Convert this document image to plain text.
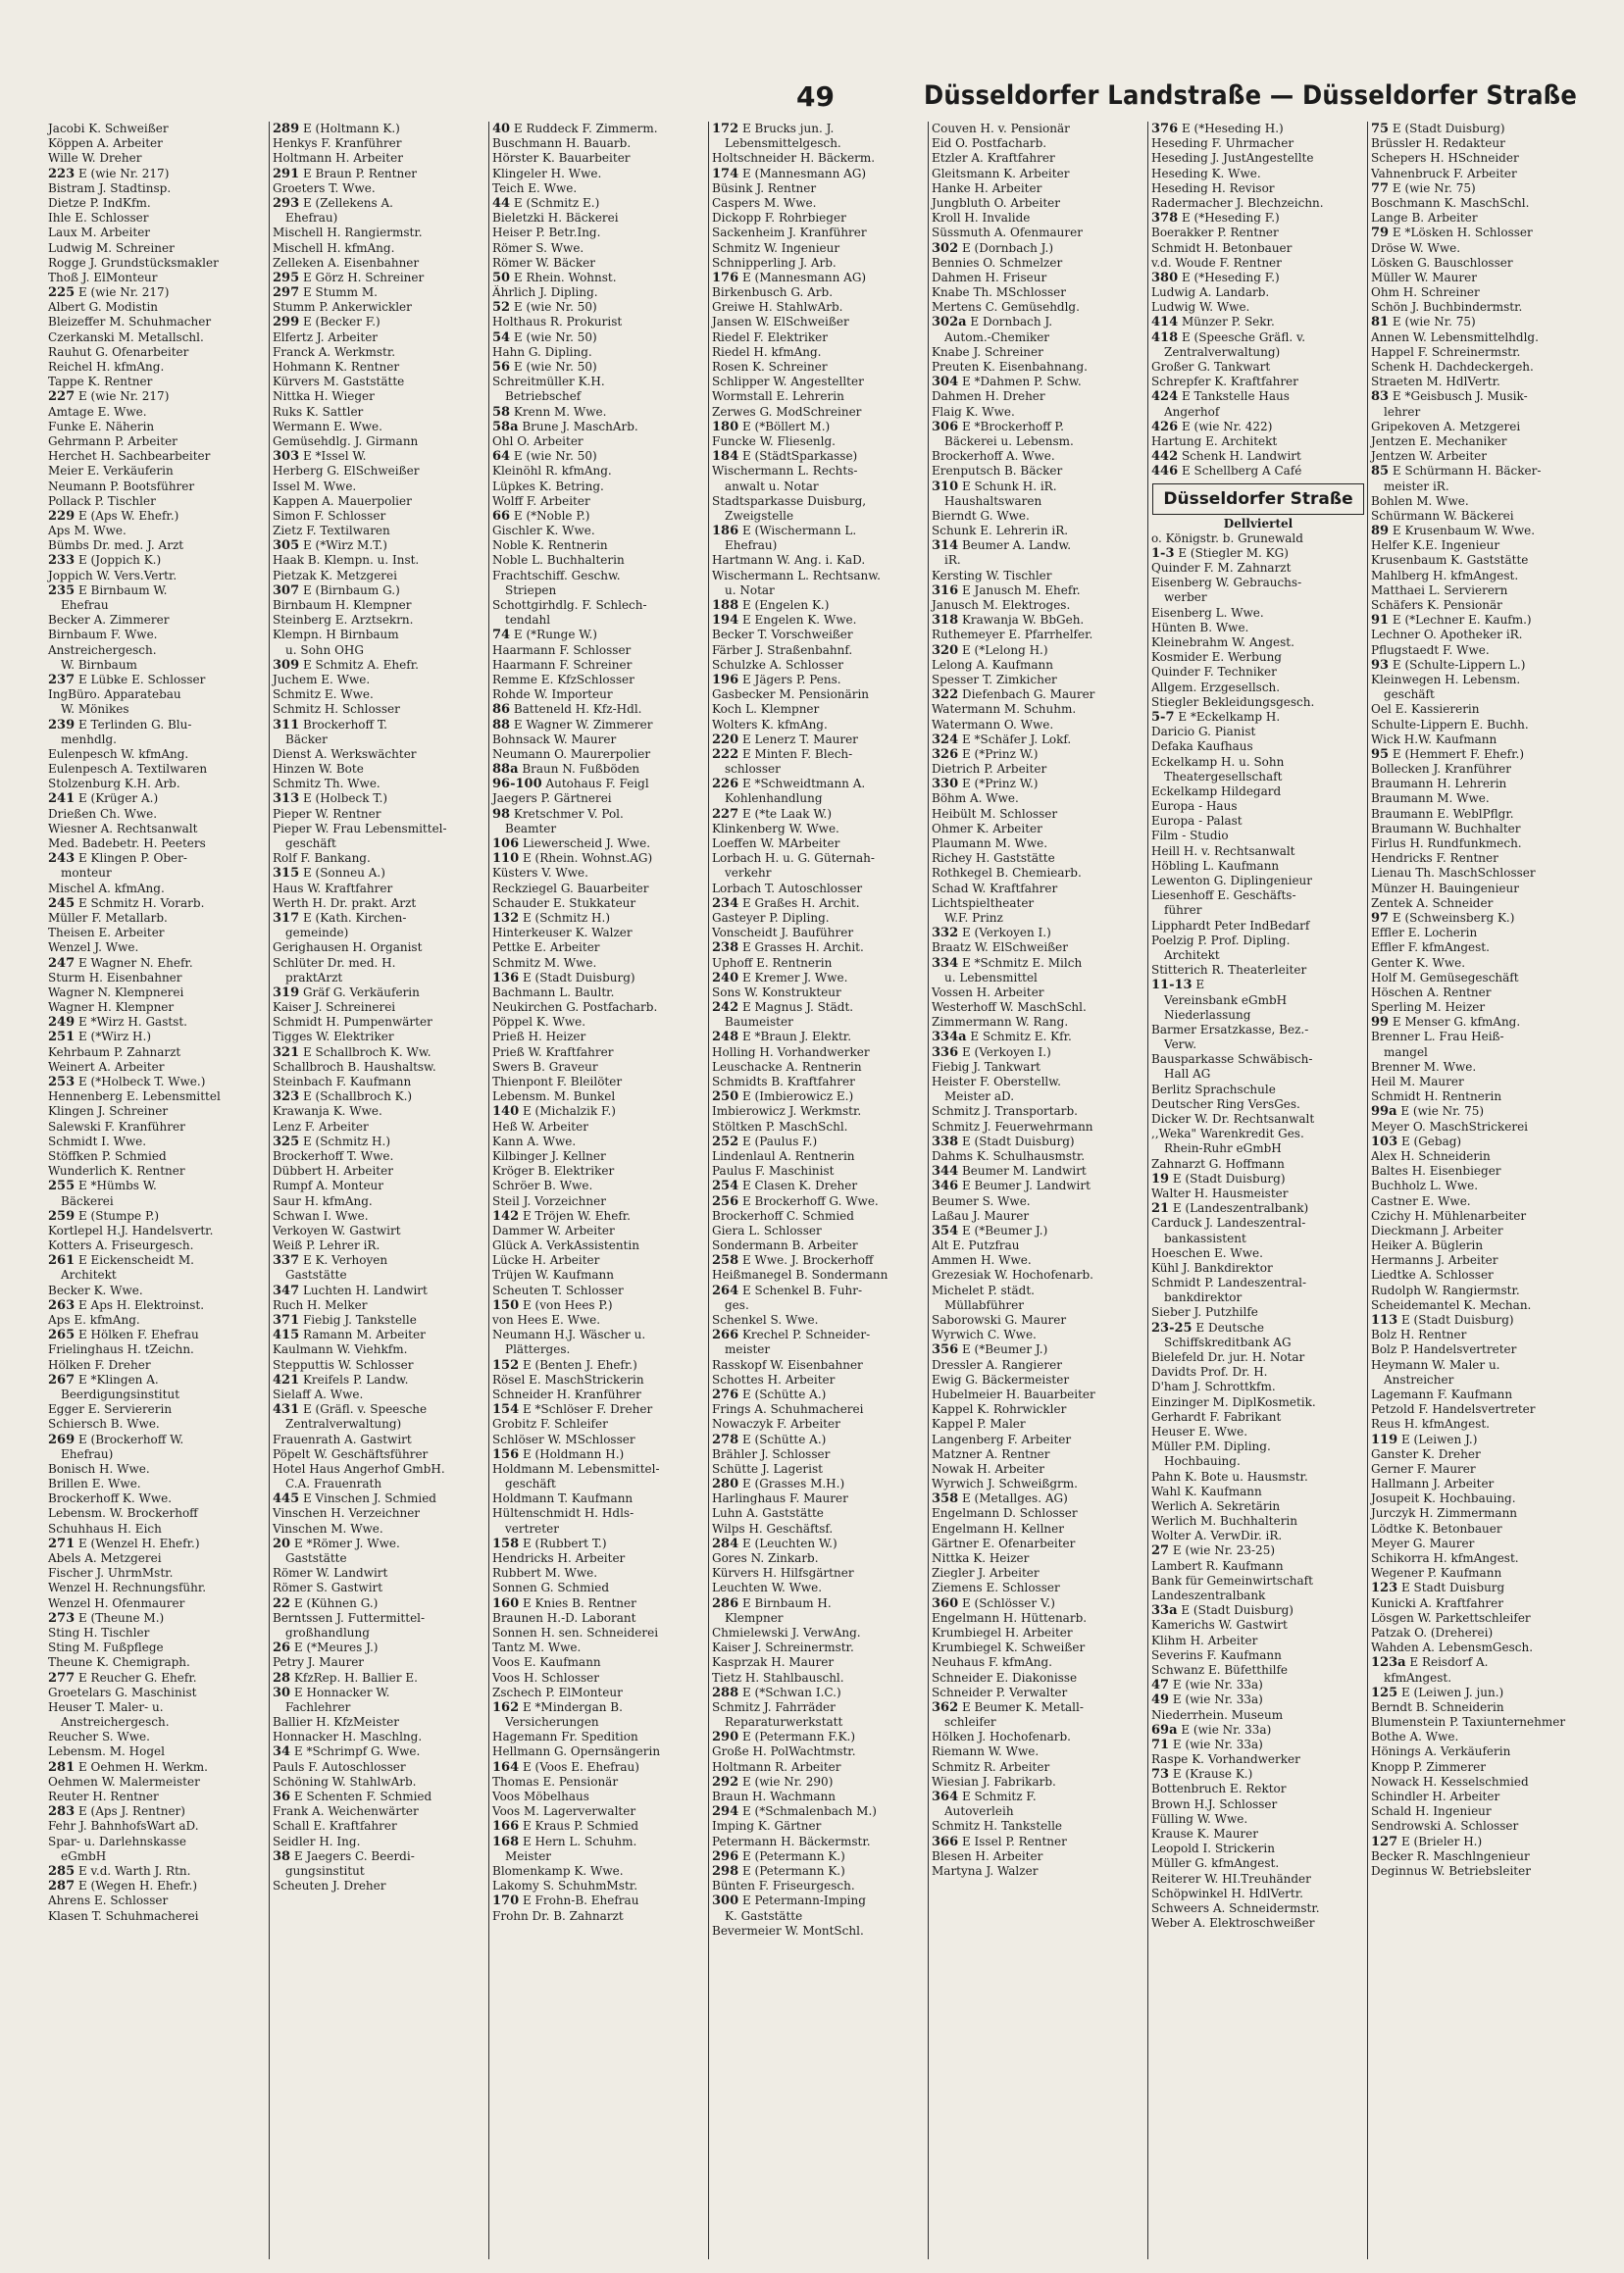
49	Düsseldorfer Landstraße — Düsseldorfer Straße
Jacobi K. Schweißer
Köppen A. Arbeiter
Wille W. Dreher
223 E (wie Nr. 217)
Bistram J. Stadtinsp.
Dietze P. IndKfm.
Ihle E. Schlosser
Laux M. Arbeiter
Ludwig M. Schreiner
Rogge J. Grundstücksmakler
Thoß J. ElMonteur
225 E (wie Nr. 217)
Albert G. Modistin
Bleizeffer M. Schuhmacher
Czerkanski M. Metallschl.
Rauhut G. Ofenarbeiter
Reichel H. kfmAng.
Tappe K. Rentner
227 E (wie Nr. 217)
Amtage E. Wwe.
Funke E. Näherin
Gehrmann P. Arbeiter
Herchet H. Sachbearbeiter
Meier E. Verkäuferin
Neumann P. Bootsführer
Pollack P. Tischler
229 E (Aps W. Ehefr.)
Aps M. Wwe.
Bümbs Dr. med. J. Arzt
233 E (Joppich K.)
Joppich W. Vers.Vertr.
235 E Birnbaum W.
Ehefrau
Becker A. Zimmerer
Birnbaum F. Wwe.
Anstreichergesch.
W. Birnbaum
237 E Lübke E. Schlosser
IngBüro. Apparatebau
W. Mönikes
239 E Terlinden G. Blu-
menhdlg.
Eulenpesch W. kfmAng.
Eulenpesch A. Textilwaren
Stolzenburg K.H. Arb.
241 E (Krüger A.)
Drießen Ch. Wwe.
Wiesner A. Rechtsanwalt
Med. Badebetr. H. Peeters
243 E Klingen P. Ober-
monteur
Mischel A. kfmAng.
245 E Schmitz H. Vorarb.
Müller F. Metallarb.
Theisen E. Arbeiter
Wenzel J. Wwe.
247 E Wagner N. Ehefr.
Sturm H. Eisenbahner
Wagner N. Klempnerei
Wagner H. Klempner
249 E *Wirz H. Gastst.
251 E (*Wirz H.)
Kehrbaum P. Zahnarzt
Weinert A. Arbeiter
253 E (*Holbeck T. Wwe.)
Hennenberg E. Lebensmittel
Klingen J. Schreiner
Salewski F. Kranführer
Schmidt I. Wwe.
Stöffken P. Schmied
Wunderlich K. Rentner
255 E *Hümbs W.
Bäckerei
259 E (Stumpe P.)
Kortlepel H.J. Handelsvertr.
Kotters A. Friseurgesch.
261 E Eickenscheidt M.
Architekt
Becker K. Wwe.
263 E Aps H. Elektroinst.
Aps E. kfmAng.
265 E Hölken F. Ehefrau
Frielinghaus H. tZeichn.
Hölken F. Dreher
267 E *Klingen A.
Beerdigungsinstitut
Egger E. Serviererin
Schiersch B. Wwe.
269 E (Brockerhoff W.
Ehefrau)
Bonisch H. Wwe.
Brillen E. Wwe.
Brockerhoff K. Wwe.
Lebensm. W. Brockerhoff
Schuhhaus H. Eich
271 E (Wenzel H. Ehefr.)
Abels A. Metzgerei
Fischer J. UhrmMstr.
Wenzel H. Rechnungsführ.
Wenzel H. Ofenmaurer
273 E (Theune M.)
Sting H. Tischler
Sting M. Fußpflege
Theune K. Chemigraph.
277 E Reucher G. Ehefr.
Groetelars G. Maschinist
Heuser T. Maler- u.
Anstreichergesch.
Reucher S. Wwe.
Lebensm. M. Hogel
281 E Oehmen H. Werkm.
Oehmen W. Malermeister
Reuter H. Rentner
283 E (Aps J. Rentner)
Fehr J. BahnhofsWart aD.
Spar- u. Darlehnskasse
eGmbH
285 E v.d. Warth J. Rtn.
287 E (Wegen H. Ehefr.)
Ahrens E. Schlosser
Klasen T. Schuhmacherei
289 E (Holtmann K.)
Henkys F. Kranführer
Holtmann H. Arbeiter
291 E Braun P. Rentner
Groeters T. Wwe.
293 E (Zellekens A.
Ehefrau)
Mischell H. Rangiermstr.
Mischell H. kfmAng.
Zelleken A. Eisenbahner
295 E Görz H. Schreiner
297 E Stumm M.
Stumm P. Ankerwickler
299 E (Becker F.)
Elfertz J. Arbeiter
Franck A. Werkmstr.
Hohmann K. Rentner
Kürvers M. Gaststätte
Nittka H. Wieger
Ruks K. Sattler
Wermann E. Wwe.
Gemüsehdlg. J. Girmann
303 E *Issel W.
Herberg G. ElSchweißer
Issel M. Wwe.
Kappen A. Mauerpolier
Simon F. Schlosser
Zietz F. Textilwaren
305 E (*Wirz M.T.)
Haak B. Klempn. u. Inst.
Pietzak K. Metzgerei
307 E (Birnbaum G.)
Birnbaum H. Klempner
Steinberg E. Arztsekrn.
Klempn. H Birnbaum
u. Sohn OHG
309 E Schmitz A. Ehefr.
Juchem E. Wwe.
Schmitz E. Wwe.
Schmitz H. Schlosser
311 Brockerhoff T.
Bäcker
Dienst A. Werkswächter
Hinzen W. Bote
Schmitz Th. Wwe.
313 E (Holbeck T.)
Pieper W. Rentner
Pieper W. Frau Lebensmittel-
geschäft
Rolf F. Bankang.
315 E (Sonneu A.)
Haus W. Kraftfahrer
Werth H. Dr. prakt. Arzt
317 E (Kath. Kirchen-
gemeinde)
Gerighausen H. Organist
Schlüter Dr. med. H.
praktArzt
319 Gräf G. Verkäuferin
Kaiser J. Schreinerei
Schmidt H. Pumpenwärter
Tigges W. Elektriker
321 E Schallbroch K. Ww.
Schallbroch B. Haushaltsw.
Steinbach F. Kaufmann
323 E (Schallbroch K.)
Krawanja K. Wwe.
Lenz F. Arbeiter
325 E (Schmitz H.)
Brockerhoff T. Wwe.
Dübbert H. Arbeiter
Rumpf A. Monteur
Saur H. kfmAng.
Schwan I. Wwe.
Verkoyen W. Gastwirt
Weiß P. Lehrer iR.
337 E K. Verhoyen
Gaststätte
347 Luchten H. Landwirt
Ruch H. Melker
371 Fiebig J. Tankstelle
415 Ramann M. Arbeiter
Kaulmann W. Viehkfm.
Stepputtis W. Schlosser
421 Kreifels P. Landw.
Sielaff A. Wwe.
431 E (Gräfl. v. Speesche
Zentralverwaltung)
Frauenrath A. Gastwirt
Pöpelt W. Geschäftsführer
Hotel Haus Angerhof GmbH.
C.A. Frauenrath
445 E Vinschen J. Schmied
Vinschen H. Verzeichner
Vinschen M. Wwe.
20 E *Römer J. Wwe.
Gaststätte
Römer W. Landwirt
Römer S. Gastwirt
22 E (Kühnen G.)
Berntssen J. Futtermittel-
großhandlung
26 E (*Meures J.)
Petry J. Maurer
28 KfzRep. H. Ballier E.
30 E Honnacker W.
Fachlehrer
Ballier H. KfzMeister
Honnacker H. Maschlng.
34 E *Schrimpf G. Wwe.
Pauls F. Autoschlosser
Schöning W. StahlwArb.
36 E Schenten F. Schmied
Frank A. Weichenwärter
Schall E. Kraftfahrer
Seidler H. Ing.
38 E Jaegers C. Beerdi-
gungsinstitut
Scheuten J. Dreher
40 E Ruddeck F. Zimmerm.
Buschmann H. Bauarb.
Hörster K. Bauarbeiter
Klingeler H. Wwe.
Teich E. Wwe.
44 E (Schmitz E.)
Bieletzki H. Bäckerei
Heiser P. Betr.Ing.
Römer S. Wwe.
Römer W. Bäcker
50 E Rhein. Wohnst.
Ährlich J. Dipling.
52 E (wie Nr. 50)
Holthaus R. Prokurist
54 E (wie Nr. 50)
Hahn G. Dipling.
56 E (wie Nr. 50)
Schreitmüller K.H.
Betriebschef
58 Krenn M. Wwe.
58a Brune J. MaschArb.
Ohl O. Arbeiter
64 E (wie Nr. 50)
Kleinöhl R. kfmAng.
Lüpkes K. Betring.
Wolff F. Arbeiter
66 E (*Noble P.)
Gischler K. Wwe.
Noble K. Rentnerin
Noble L. Buchhalterin
Frachtschiff. Geschw.
Striepen
Schottgirhdlg. F. Schlech-
tendahl
74 E (*Runge W.)
Haarmann F. Schlosser
Haarmann F. Schreiner
Remme E. KfzSchlosser
Rohde W. Importeur
86 Batteneld H. Kfz-Hdl.
88 E Wagner W. Zimmerer
Bohnsack W. Maurer
Neumann O. Maurerpolier
88a Braun N. Fußböden
96-100 Autohaus F. Feigl
Jaegers P. Gärtnerei
98 Kretschmer V. Pol.
Beamter
106 Liewerscheid J. Wwe.
110 E (Rhein. Wohnst.AG)
Küsters V. Wwe.
Reckziegel G. Bauarbeiter
Schauder E. Stukkateur
132 E (Schmitz H.)
Hinterkeuser K. Walzer
Pettke E. Arbeiter
Schmitz M. Wwe.
136 E (Stadt Duisburg)
Bachmann L. Baultr.
Neukirchen G. Postfacharb.
Pöppel K. Wwe.
Prieß H. Heizer
Prieß W. Kraftfahrer
Swers B. Graveur
Thienpont F. Bleilöter
Lebensm. M. Bunkel
140 E (Michalzik F.)
Heß W. Arbeiter
Kann A. Wwe.
Kilbinger J. Kellner
Kröger B. Elektriker
Schröer B. Wwe.
Steil J. Vorzeichner
142 E Tröjen W. Ehefr.
Dammer W. Arbeiter
Glück A. VerkAssistentin
Lücke H. Arbeiter
Trüjen W. Kaufmann
Scheuten T. Schlosser
150 E (von Hees P.)
von Hees E. Wwe.
Neumann H.J. Wäscher u.
Plätterges.
152 E (Benten J. Ehefr.)
Rösel E. MaschStrickerin
Schneider H. Kranführer
154 E *Schlöser F. Dreher
Grobitz F. Schleifer
Schlöser W. MSchlosser
156 E (Holdmann H.)
Holdmann M. Lebensmittel-
geschäft
Holdmann T. Kaufmann
Hültenschmidt H. Hdls-
vertreter
158 E (Rubbert T.)
Hendricks H. Arbeiter
Rubbert M. Wwe.
Sonnen G. Schmied
160 E Knies B. Rentner
Braunen H.-D. Laborant
Sonnen H. sen. Schneiderei
Tantz M. Wwe.
Voos E. Kaufmann
Voos H. Schlosser
Zschech P. ElMonteur
162 E *Mindergan B.
Versicherungen
Hagemann Fr. Spedition
Hellmann G. Opernsängerin
164 E (Voos E. Ehefrau)
Thomas E. Pensionär
Voos Möbelhaus
Voos M. Lagerverwalter
166 E Kraus P. Schmied
168 E Hern L. Schuhm.
Meister
Blomenkamp K. Wwe.
Lakomy S. SchuhmMstr.
170 E Frohn-B. Ehefrau
Frohn Dr. B. Zahnarzt
172 E Brucks jun. J.
Lebensmittelgesch.
Holtschneider H. Bäckerm.
174 E (Mannesmann AG)
Büsink J. Rentner
Caspers M. Wwe.
Dickopp F. Rohrbieger
Sackenheim J. Kranführer
Schmitz W. Ingenieur
Schnipperling J. Arb.
176 E (Mannesmann AG)
Birkenbusch G. Arb.
Greiwe H. StahlwArb.
Jansen W. ElSchweißer
Riedel F. Elektriker
Riedel H. kfmAng.
Rosen K. Schreiner
Schlipper W. Angestellter
Wormstall E. Lehrerin
Zerwes G. ModSchreiner
180 E (*Böllert M.)
Funcke W. Fliesenlg.
184 E (StädtSparkasse)
Wischermann L. Rechts-
anwalt u. Notar
Stadtsparkasse Duisburg,
Zweigstelle
186 E (Wischermann L.
Ehefrau)
Hartmann W. Ang. i. KaD.
Wischermann L. Rechtsanw.
u. Notar
188 E (Engelen K.)
194 E Engelen K. Wwe.
Becker T. Vorschweißer
Färber J. Straßenbahnf.
Schulzke A. Schlosser
196 E Jägers P. Pens.
Gasbecker M. Pensionärin
Koch L. Klempner
Wolters K. kfmAng.
220 E Lenerz T. Maurer
222 E Minten F. Blech-
schlosser
226 E *Schweidtmann A.
Kohlenhandlung
227 E (*te Laak W.)
Klinkenberg W. Wwe.
Loeffen W. MArbeiter
Lorbach H. u. G. Güternah-
verkehr
Lorbach T. Autoschlosser
234 E Graßes H. Archit.
Gasteyer P. Dipling.
Vonscheidt J. Bauführer
238 E Grasses H. Archit.
Uphoff E. Rentnerin
240 E Kremer J. Wwe.
Sons W. Konstrukteur
242 E Magnus J. Städt.
Baumeister
248 E *Braun J. Elektr.
Holling H. Vorhandwerker
Leuschacke A. Rentnerin
Schmidts B. Kraftfahrer
250 E (Imbierowicz E.)
Imbierowicz J. Werkmstr.
Stöltken P. MaschSchl.
252 E (Paulus F.)
Lindenlaul A. Rentnerin
Paulus F. Maschinist
254 E Clasen K. Dreher
256 E Brockerhoff G. Wwe.
Brockerhoff C. Schmied
Giera L. Schlosser
Sondermann B. Arbeiter
258 E Wwe. J. Brockerhoff
Heißmanegel B. Sondermann
264 E Schenkel B. Fuhr-
ges.
Schenkel S. Wwe.
266 Krechel P. Schneider-
meister
Rasskopf W. Eisenbahner
Schottes H. Arbeiter
276 E (Schütte A.)
Frings A. Schuhmacherei
Nowaczyk F. Arbeiter
278 E (Schütte A.)
Brähler J. Schlosser
Schütte J. Lagerist
280 E (Grasses M.H.)
Harlinghaus F. Maurer
Luhn A. Gaststätte
Wilps H. Geschäftsf.
284 E (Leuchten W.)
Gores N. Zinkarb.
Kürvers H. Hilfsgärtner
Leuchten W. Wwe.
286 E Birnbaum H.
Klempner
Chmielewski J. VerwAng.
Kaiser J. Schreinermstr.
Kasprzak H. Maurer
Tietz H. Stahlbauschl.
288 E (*Schwan I.C.)
Schmitz J. Fahrräder
Reparaturwerkstatt
290 E (Petermann F.K.)
Große H. PolWachtmstr.
Holtmann R. Arbeiter
292 E (wie Nr. 290)
Braun H. Wachmann
294 E (*Schmalenbach M.)
Imping K. Gärtner
Petermann H. Bäckermstr.
296 E (Petermann K.)
298 E (Petermann K.)
Bünten F. Friseurgesch.
300 E Petermann-Imping
K. Gaststätte
Bevermeier W. MontSchl.
Couven H. v. Pensionär
Eid O. Postfacharb.
Etzler A. Kraftfahrer
Gleitsmann K. Arbeiter
Hanke H. Arbeiter
Jungbluth O. Arbeiter
Kroll H. Invalide
Süssmuth A. Ofenmaurer
302 E (Dornbach J.)
Bennies O. Schmelzer
Dahmen H. Friseur
Knabe Th. MSchlosser
Mertens C. Gemüsehdlg.
302a E Dornbach J.
Autom.-Chemiker
Knabe J. Schreiner
Preuten K. Eisenbahnang.
304 E *Dahmen P. Schw.
Dahmen H. Dreher
Flaig K. Wwe.
306 E *Brockerhoff P.
Bäckerei u. Lebensm.
Brockerhoff A. Wwe.
Erenputsch B. Bäcker
310 E Schunk H. iR.
Haushaltswaren
Bierndt G. Wwe.
Schunk E. Lehrerin iR.
314 Beumer A. Landw.
iR.
Kersting W. Tischler
316 E Janusch M. Ehefr.
Janusch M. Elektroges.
318 Krawanja W. BbGeh.
Ruthemeyer E. Pfarrhelfer.
320 E (*Lelong H.)
Lelong A. Kaufmann
Spesser T. Zimkicher
322 Diefenbach G. Maurer
Watermann M. Schuhm.
Watermann O. Wwe.
324 E *Schäfer J. Lokf.
326 E (*Prinz W.)
Dietrich P. Arbeiter
330 E (*Prinz W.)
Böhm A. Wwe.
Heibült M. Schlosser
Ohmer K. Arbeiter
Plaumann M. Wwe.
Richey H. Gaststätte
Rothkegel B. Chemiearb.
Schad W. Kraftfahrer
Lichtspieltheater
W.F. Prinz
332 E (Verkoyen I.)
Braatz W. ElSchweißer
334 E *Schmitz E. Milch
u. Lebensmittel
Vossen H. Arbeiter
Westerhoff W. MaschSchl.
Zimmermann W. Rang.
334a E Schmitz E. Kfr.
336 E (Verkoyen I.)
Fiebig J. Tankwart
Heister F. Oberstellw.
Meister aD.
Schmitz J. Transportarb.
Schmitz J. Feuerwehrmann
338 E (Stadt Duisburg)
Dahms K. Schulhausmstr.
344 Beumer M. Landwirt
346 E Beumer J. Landwirt
Beumer S. Wwe.
Laßau J. Maurer
354 E (*Beumer J.)
Alt E. Putzfrau
Ammen H. Wwe.
Grezesiak W. Hochofenarb.
Michelet P. städt.
Müllabführer
Saborowski G. Maurer
Wyrwich C. Wwe.
356 E (*Beumer J.)
Dressler A. Rangierer
Ewig G. Bäckermeister
Hubelmeier H. Bauarbeiter
Kappel K. Rohrwickler
Kappel P. Maler
Langenberg F. Arbeiter
Matzner A. Rentner
Nowak H. Arbeiter
Wyrwich J. Schweißgrm.
358 E (Metallges. AG)
Engelmann D. Schlosser
Engelmann H. Kellner
Gärtner E. Ofenarbeiter
Nittka K. Heizer
Ziegler J. Arbeiter
Ziemens E. Schlosser
360 E (Schlösser V.)
Engelmann H. Hüttenarb.
Krumbiegel H. Arbeiter
Krumbiegel K. Schweißer
Neuhaus F. kfmAng.
Schneider E. Diakonisse
Schneider P. Verwalter
362 E Beumer K. Metall-
schleifer
Hölken J. Hochofenarb.
Riemann W. Wwe.
Schmitz R. Arbeiter
Wiesian J. Fabrikarb.
364 E Schmitz F.
Autoverleih
Schmitz H. Tankstelle
366 E Issel P. Rentner
Blesen H. Arbeiter
Martyna J. Walzer
376 E (*Heseding H.)
Heseding F. Uhrmacher
Heseding J. JustAngestellte
Heseding K. Wwe.
Heseding H. Revisor
Radermacher J. Blechzeichn.
378 E (*Heseding F.)
Boerakker P. Rentner
Schmidt H. Betonbauer
v.d. Woude F. Rentner
380 E (*Heseding F.)
Ludwig A. Landarb.
Ludwig W. Wwe.
414 Münzer P. Sekr.
418 E (Speesche Gräfl. v.
Zentralverwaltung)
Großer G. Tankwart
Schrepfer K. Kraftfahrer
424 E Tankstelle Haus
Angerhof
426 E (wie Nr. 422)
Hartung E. Architekt
442 Schenk H. Landwirt
446 E Schellberg A Café
Düsseldorfer Straße
Dellviertel
o. Königstr. b. Grunewald
1-3 E (Stiegler M. KG)
Quinder F. M. Zahnarzt
Eisenberg W. Gebrauchs-
werber
Eisenberg L. Wwe.
Hünten B. Wwe.
Kleinebrahm W. Angest.
Kosmider E. Werbung
Quinder F. Techniker
Allgem. Erzgesellsch.
Stiegler Bekleidungsgesch.
5-7 E *Eckelkamp H.
Daricio G. Pianist
Defaka Kaufhaus
Eckelkamp H. u. Sohn
Theatergesellschaft
Eckelkamp Hildegard
Europa - Haus
Europa - Palast
Film - Studio
Heill H. v. Rechtsanwalt
Höbling L. Kaufmann
Lewenton G. Diplingenieur
Liesenhoff E. Geschäfts-
führer
Lipphardt Peter IndBedarf
Poelzig P. Prof. Dipling.
Architekt
Stitterich R. Theaterleiter
11-13 E
Vereinsbank eGmbH
Niederlassung
Barmer Ersatzkasse, Bez.-
Verw.
Bausparkasse Schwäbisch-
Hall AG
Berlitz Sprachschule
Deutscher Ring VersGes.
Dicker W. Dr. Rechtsanwalt
,,Weka" Warenkredit Ges.
Rhein-Ruhr eGmbH
Zahnarzt G. Hoffmann
19 E (Stadt Duisburg)
Walter H. Hausmeister
21 E (Landeszentralbank)
Carduck J. Landeszentral-
bankassistent
Hoeschen E. Wwe.
Kühl J. Bankdirektor
Schmidt P. Landeszentral-
bankdirektor
Sieber J. Putzhilfe
23-25 E Deutsche
Schiffskreditbank AG
Bielefeld Dr. jur. H. Notar
Davidts Prof. Dr. H.
D'ham J. Schrottkfm.
Einzinger M. DiplKosmetik.
Gerhardt F. Fabrikant
Heuser E. Wwe.
Müller P.M. Dipling.
Hochbauing.
Pahn K. Bote u. Hausmstr.
Wahl K. Kaufmann
Werlich A. Sekretärin
Werlich M. Buchhalterin
Wolter A. VerwDir. iR.
27 E (wie Nr. 23-25)
Lambert R. Kaufmann
Bank für Gemeinwirtschaft
Landeszentralbank
33a E (Stadt Duisburg)
Kamerichs W. Gastwirt
Klihm H. Arbeiter
Severins F. Kaufmann
Schwanz E. Büfetthilfe
47 E (wie Nr. 33a)
49 E (wie Nr. 33a)
Niederrhein. Museum
69a E (wie Nr. 33a)
71 E (wie Nr. 33a)
Raspe K. Vorhandwerker
73 E (Krause K.)
Bottenbruch E. Rektor
Brown H.J. Schlosser
Fülling W. Wwe.
Krause K. Maurer
Leopold I. Strickerin
Müller G. kfmAngest.
Reiterer W. HI.Treuhänder
Schöpwinkel H. HdlVertr.
Schweers A. Schneidermstr.
Weber A. Elektroschweißer
75 E (Stadt Duisburg)
Brüssler H. Redakteur
Schepers H. HSchneider
Vahnenbruck F. Arbeiter
77 E (wie Nr. 75)
Boschmann K. MaschSchl.
Lange B. Arbeiter
79 E *Lösken H. Schlosser
Dröse W. Wwe.
Lösken G. Bauschlosser
Müller W. Maurer
Ohm H. Schreiner
Schön J. Buchbindermstr.
81 E (wie Nr. 75)
Annen W. Lebensmittelhdlg.
Happel F. Schreinermstr.
Schenk H. Dachdeckergeh.
Straeten M. HdlVertr.
83 E *Geisbusch J. Musik-
lehrer
Gripekoven A. Metzgerei
Jentzen E. Mechaniker
Jentzen W. Arbeiter
85 E Schürmann H. Bäcker-
meister iR.
Bohlen M. Wwe.
Schürmann W. Bäckerei
89 E Krusenbaum W. Wwe.
Helfer K.E. Ingenieur
Krusenbaum K. Gaststätte
Mahlberg H. kfmAngest.
Matthaei L. Servierern
Schäfers K. Pensionär
91 E (*Lechner E. Kaufm.)
Lechner O. Apotheker iR.
Pflugstaedt F. Wwe.
93 E (Schulte-Lippern L.)
Kleinwegen H. Lebensm.
geschäft
Oel E. Kassiererin
Schulte-Lippern E. Buchh.
Wick H.W. Kaufmann
95 E (Hemmert F. Ehefr.)
Bollecken J. Kranführer
Braumann H. Lehrerin
Braumann M. Wwe.
Braumann E. WeblPflgr.
Braumann W. Buchhalter
Firlus H. Rundfunkmech.
Hendricks F. Rentner
Lienau Th. MaschSchlosser
Münzer H. Bauingenieur
Zentek A. Schneider
97 E (Schweinsberg K.)
Effler E. Locherin
Effler F. kfmAngest.
Genter K. Wwe.
Holf M. Gemüsegeschäft
Höschen A. Rentner
Sperling M. Heizer
99 E Menser G. kfmAng.
Brenner L. Frau Heiß-
mangel
Brenner M. Wwe.
Heil M. Maurer
Schmidt H. Rentnerin
99a E (wie Nr. 75)
Meyer O. MaschStrickerei
103 E (Gebag)
Alex H. Schneiderin
Baltes H. Eisenbieger
Buchholz L. Wwe.
Castner E. Wwe.
Czichy H. Mühlenarbeiter
Dieckmann J. Arbeiter
Heiker A. Büglerin
Hermanns J. Arbeiter
Liedtke A. Schlosser
Rudolph W. Rangiermstr.
Scheidemantel K. Mechan.
113 E (Stadt Duisburg)
Bolz H. Rentner
Bolz P. Handelsvertreter
Heymann W. Maler u.
Anstreicher
Lagemann F. Kaufmann
Petzold F. Handelsvertreter
Reus H. kfmAngest.
119 E (Leiwen J.)
Ganster K. Dreher
Gerner F. Maurer
Hallmann J. Arbeiter
Josupeit K. Hochbauing.
Jurczyk H. Zimmermann
Lödtke K. Betonbauer
Meyer G. Maurer
Schikorra H. kfmAngest.
Wegener P. Kaufmann
123 E Stadt Duisburg
Kunicki A. Kraftfahrer
Lösgen W. Parkettschleifer
Patzak O. (Dreherei)
Wahden A. LebensmGesch.
123a E Reisdorf A.
kfmAngest.
125 E (Leiwen J. jun.)
Berndt B. Schneiderin
Blumenstein P. Taxiunternehmer
Bothe A. Wwe.
Hönings A. Verkäuferin
Knopp P. Zimmerer
Nowack H. Kesselschmied
Schindler H. Arbeiter
Schald H. Ingenieur
Sendrowski A. Schlosser
127 E (Brieler H.)
Becker R. Maschlngenieur
Deginnus W. Betriebsleiter
